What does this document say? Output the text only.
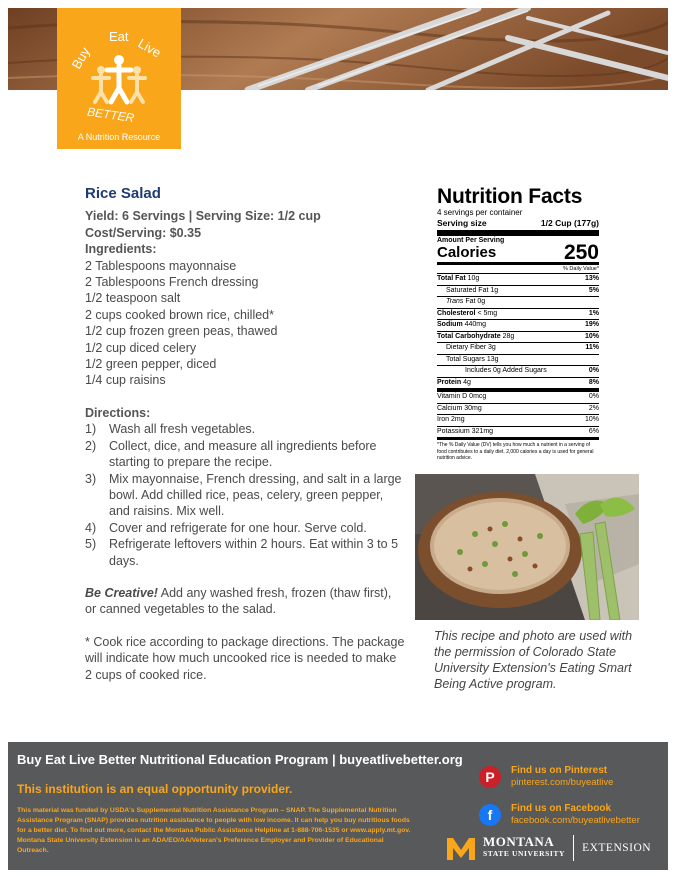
Buy
Eat Live
BETTER
A Nutrition Resource
Rice Salad
Yield: 6 Servings | Serving Size: 1/2 cup
Cost/Serving: $0.35
Ingredients:
2 Tablespoons mayonnaise
2 Tablespoons French dressing
1/2 teaspoon salt
2 cups cooked brown rice, chilled*
1/2 cup frozen green peas, thawed
1/2 cup diced celery
1/2 green pepper, diced
1/4 cup raisins
Directions:
1)	Wash all fresh vegetables.
2)	Collect, dice, and measure all ingredients before starting to prepare the recipe.
3)	Mix mayonnaise, French dressing, and salt in a large bowl. Add chilled rice, peas, celery, green pepper, and raisins. Mix well.
4)	Cover and refrigerate for one hour. Serve cold.
5)	Refrigerate leftovers within 2 hours. Eat within 3 to 5 days.
Be Creative! Add any washed fresh, frozen (thaw first), or canned vegetables to the salad.
* Cook rice according to package directions. The package will indicate how much uncooked rice is needed to make 2 cups of cooked rice.
Nutrition Facts
4 servings per container
Serving size	1/2 Cup (177g)
Amount Per Serving
Calories	250
% Daily Value*
Total Fat 10g	13%
Saturated Fat 1g	5%
Trans Fat 0g
Cholesterol < 5mg	1%
Sodium 440mg	19%
Total Carbohydrate 28g	10%
Dietary Fiber 3g	11%
Total Sugars 13g
Includes 0g Added Sugars	0%
Protein 4g	8%
Vitamin D 0mcg	0%
Calcium 30mg	2%
Iron 2mg	10%
Potassium 321mg	6%
*The % Daily Value (DV) tells you how much a nutrient in a serving of food contributes to a daily diet. 2,000 calories a day is used for general nutrition advice.
This recipe and photo are used with the permission of Colorado State University Extension's Eating Smart Being Active program.
Buy Eat Live Better Nutritional Education Program | buyeatlivebetter.org
This institution is an equal opportunity provider.
This material was funded by USDA's Supplemental Nutrition Assistance Program – SNAP. The Supplemental Nutrition Assistance Program (SNAP) provides nutrition assistance to people with low income. It can help you buy nutritious foods for a better diet. To find out more, contact the Montana Public Assistance Helpline at 1-888-706-1535 or www.apply.mt.gov. Montana State University Extension is an ADA/EO/AA/Veteran's Preference Employer and Provider of Educational Outreach.
P	Find us on Pinterest
pinterest.com/buyeatlive
f	Find us on Facebook
facebook.com/buyeatlivebetter
MONTANA
STATE UNIVERSITY EXTENSION
